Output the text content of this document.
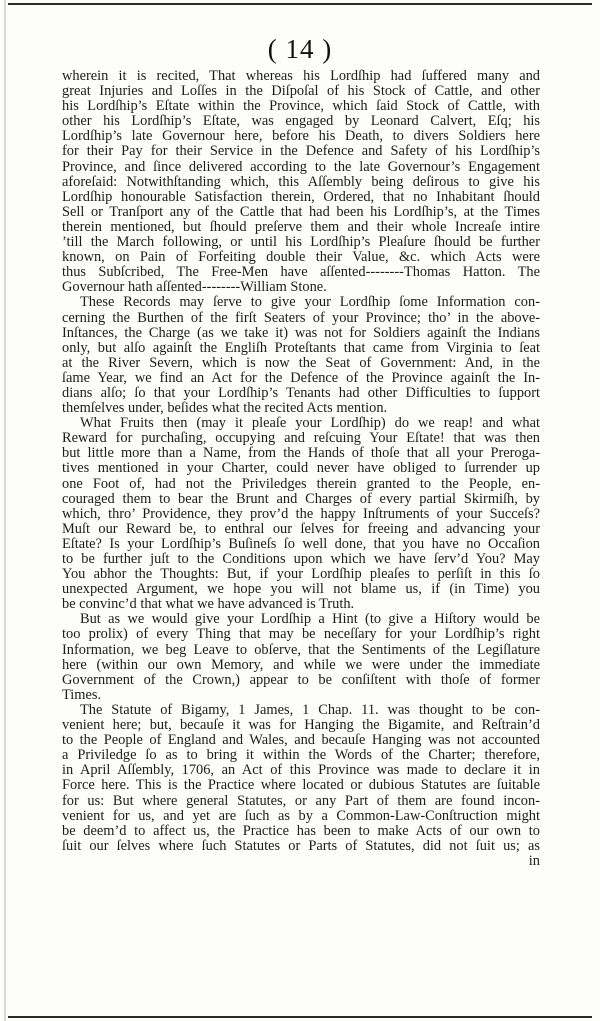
( 14 )
wherein it is recited, That whereas his Lordſhip had ſuffered many and
great Injuries and Loſſes in the Diſpoſal of his Stock of Cattle, and other
his Lordſhip’s Eſtate within the Province, which ſaid Stock of Cattle, with
other his Lordſhip’s Eſtate, was engaged by Leonard Calvert, Eſq; his
Lordſhip’s late Governour here, before his Death, to divers Soldiers here
for their Pay for their Service in the Defence and Safety of his Lordſhip’s
Province, and ſince delivered according to the late Governour’s Engagement
aforeſaid: Notwithſtanding which, this Aſſembly being deſirous to give his
Lordſhip honourable Satisfaction therein, Ordered, that no Inhabitant ſhould
Sell or Tranſport any of the Cattle that had been his Lordſhip’s, at the Times
therein mentioned, but ſhould preſerve them and their whole Increaſe intire
’till the March following, or until his Lordſhip’s Pleaſure ſhould be further
known, on Pain of Forfeiting double their Value, &c. which Acts were
thus Subſcribed, The Free-Men have aſſented--------Thomas Hatton. The
Governour hath aſſented--------William Stone.
These Records may ſerve to give your Lordſhip ſome Information con-
cerning the Burthen of the firſt Seaters of your Province; tho’ in the above-
Inſtances, the Charge (as we take it) was not for Soldiers againſt the Indians
only, but alſo againſt the Engliſh Proteſtants that came from Virginia to ſeat
at the River Severn, which is now the Seat of Government: And, in the
ſame Year, we find an Act for the Defence of the Province againſt the In-
dians alſo; ſo that your Lordſhip’s Tenants had other Difficulties to ſupport
themſelves under, beſides what the recited Acts mention.
What Fruits then (may it pleaſe your Lordſhip) do we reap! and what
Reward for purchaſing, occupying and reſcuing Your Eſtate! that was then
but little more than a Name, from the Hands of thoſe that all your Preroga-
tives mentioned in your Charter, could never have obliged to ſurrender up
one Foot of, had not the Priviledges therein granted to the People, en-
couraged them to bear the Brunt and Charges of every partial Skirmiſh, by
which, thro’ Providence, they prov’d the happy Inſtruments of your Succeſs?
Muſt our Reward be, to enthral our ſelves for freeing and advancing your
Eſtate? Is your Lordſhip’s Buſineſs ſo well done, that you have no Occaſion
to be further juſt to the Conditions upon which we have ſerv’d You? May
You abhor the Thoughts: But, if your Lordſhip pleaſes to perſiſt in this ſo
unexpected Argument, we hope you will not blame us, if (in Time) you
be convinc’d that what we have advanced is Truth.
But as we would give your Lordſhip a Hint (to give a Hiſtory would be
too prolix) of every Thing that may be neceſſary for your Lordſhip’s right
Information, we beg Leave to obſerve, that the Sentiments of the Legiſlature
here (within our own Memory, and while we were under the immediate
Government of the Crown,) appear to be conſiſtent with thoſe of former
Times.
The Statute of Bigamy, 1 James, 1 Chap. 11. was thought to be con-
venient here; but, becauſe it was for Hanging the Bigamite, and Reſtrain’d
to the People of England and Wales, and becauſe Hanging was not accounted
a Priviledge ſo as to bring it within the Words of the Charter; therefore,
in April Aſſembly, 1706, an Act of this Province was made to declare it in
Force here. This is the Practice where located or dubious Statutes are ſuitable
for us: But where general Statutes, or any Part of them are found incon-
venient for us, and yet are ſuch as by a Common-Law-Conſtruction might
be deem’d to affect us, the Practice has been to make Acts of our own to
ſuit our ſelves where ſuch Statutes or Parts of Statutes, did not ſuit us; as
in
